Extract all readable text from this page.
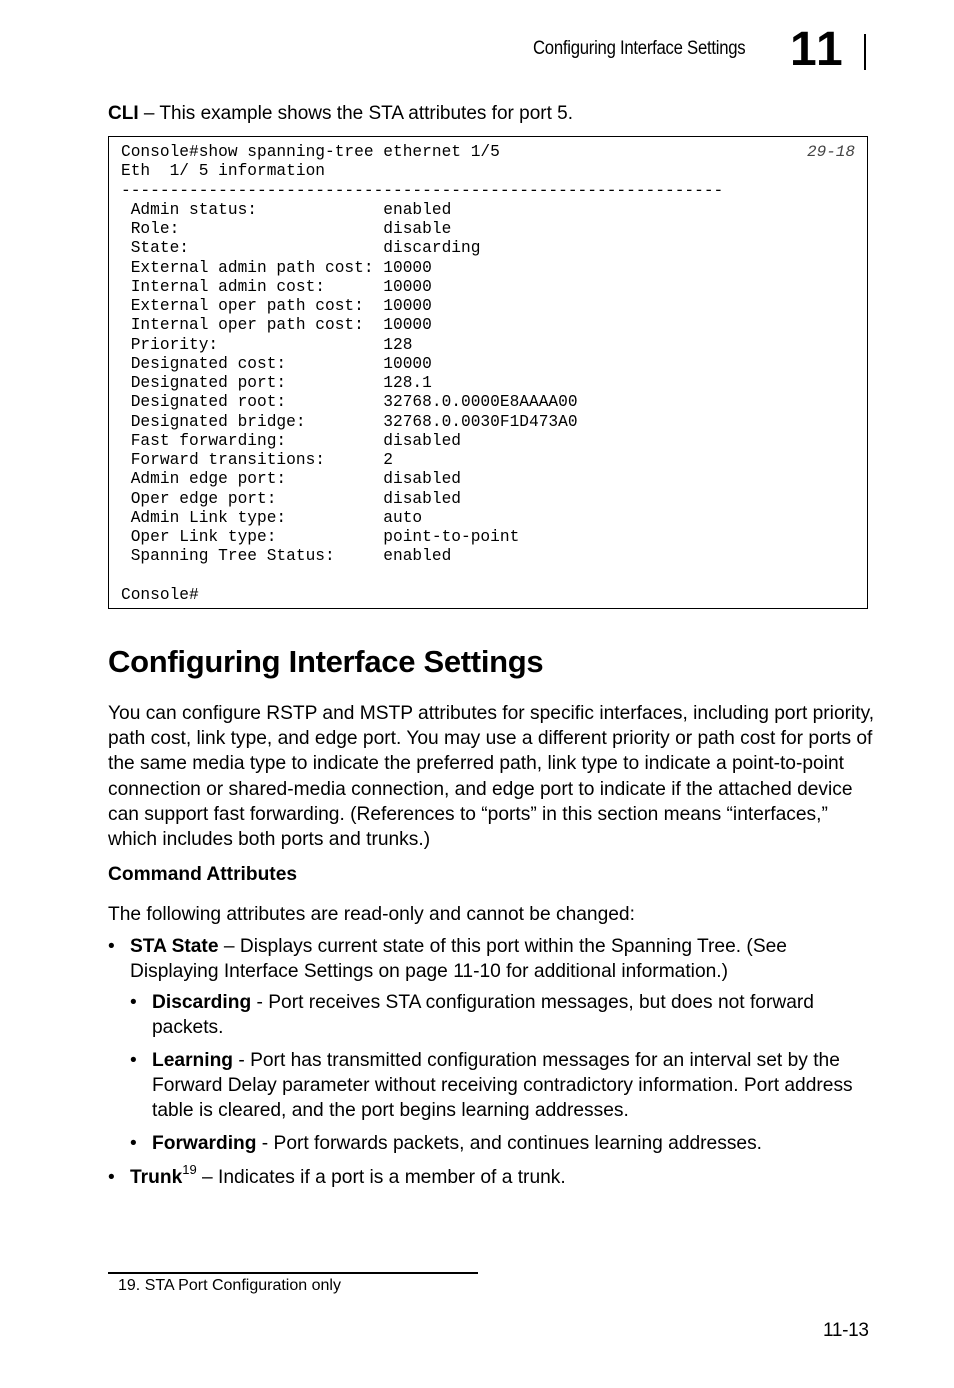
Configuring Interface Settings 11
CLI – This example shows the STA attributes for port 5.
Console#show spanning-tree ethernet 1/5
Eth  1/ 5 information
--------------------------------------------------------------
Admin status:             enabled
Role:                     disable
State:                    discarding
External admin path cost: 10000
Internal admin cost:      10000
External oper path cost:  10000
Internal oper path cost:  10000
Priority:                 128
Designated cost:          10000
Designated port:          128.1
Designated root:          32768.0.0000E8AAAA00
Designated bridge:        32768.0.0030F1D473A0
Fast forwarding:          disabled
Forward transitions:      2
Admin edge port:          disabled
Oper edge port:           disabled
Admin Link type:          auto
Oper Link type:           point-to-point
Spanning Tree Status:     enabled
Console#
29-18
Configuring Interface Settings

You can configure RSTP and MSTP attributes for specific interfaces, including port priority, path cost, link type, and edge port. You may use a different priority or path cost for ports of the same media type to indicate the preferred path, link type to indicate a point-to-point connection or shared-media connection, and edge port to indicate if the attached device can support fast forwarding. (References to “ports” in this section means “interfaces,” which includes both ports and trunks.)

Command Attributes

The following attributes are read-only and cannot be changed:

• STA State – Displays current state of this port within the Spanning Tree. (See Displaying Interface Settings on page 11-10 for additional information.)
• Discarding - Port receives STA configuration messages, but does not forward packets.
• Learning - Port has transmitted configuration messages for an interval set by the Forward Delay parameter without receiving contradictory information. Port address table is cleared, and the port begins learning addresses.
• Forwarding - Port forwards packets, and continues learning addresses.
• Trunk$^{19}$ – Indicates if a port is a member of a trunk.
19. STA Port Configuration only
11-13
